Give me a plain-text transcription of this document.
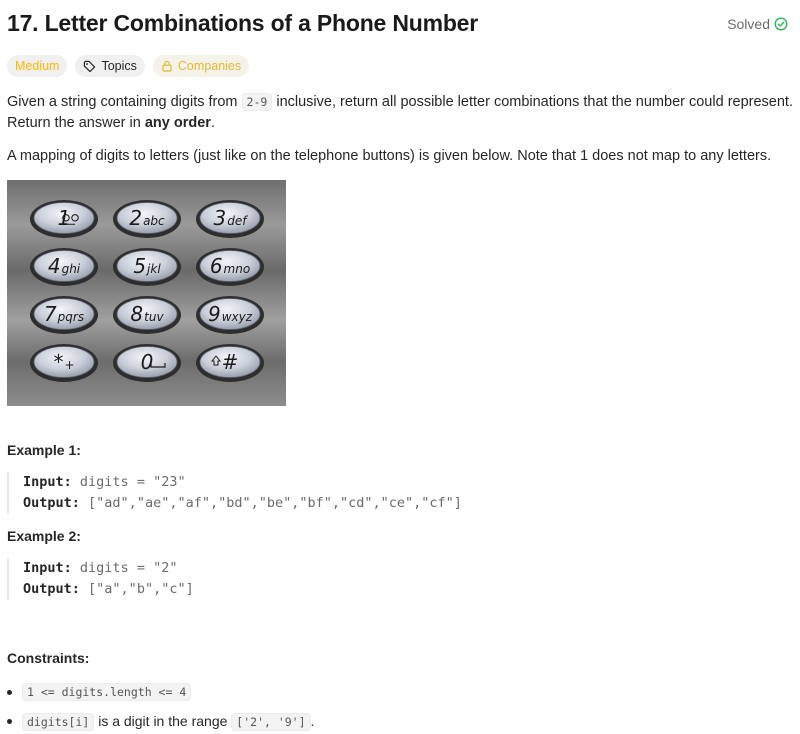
17. Letter Combinations of a Phone Number	Solved
Medium	Topics	Companies

Given a string containing digits from 2-9 inclusive, return all possible letter combinations that the number could represent. Return the answer in any order.

A mapping of digits to letters (just like on the telephone buttons) is given below. Note that 1 does not map to any letters.

1	2abc 3def
4ghi	5jkl 6mno
7pqrs 8tuv 9wxyz
*+	0	#
Example 1:
Input: digits = "23"
Output: ["ad","ae","af","bd","be","bf","cd","ce","cf"]
Example 2:
Input: digits = "2"
Output: ["a","b","c"]
Constraints:
1 <= digits.length <= 4
digits[i] is a digit in the range ['2', '9'] .
